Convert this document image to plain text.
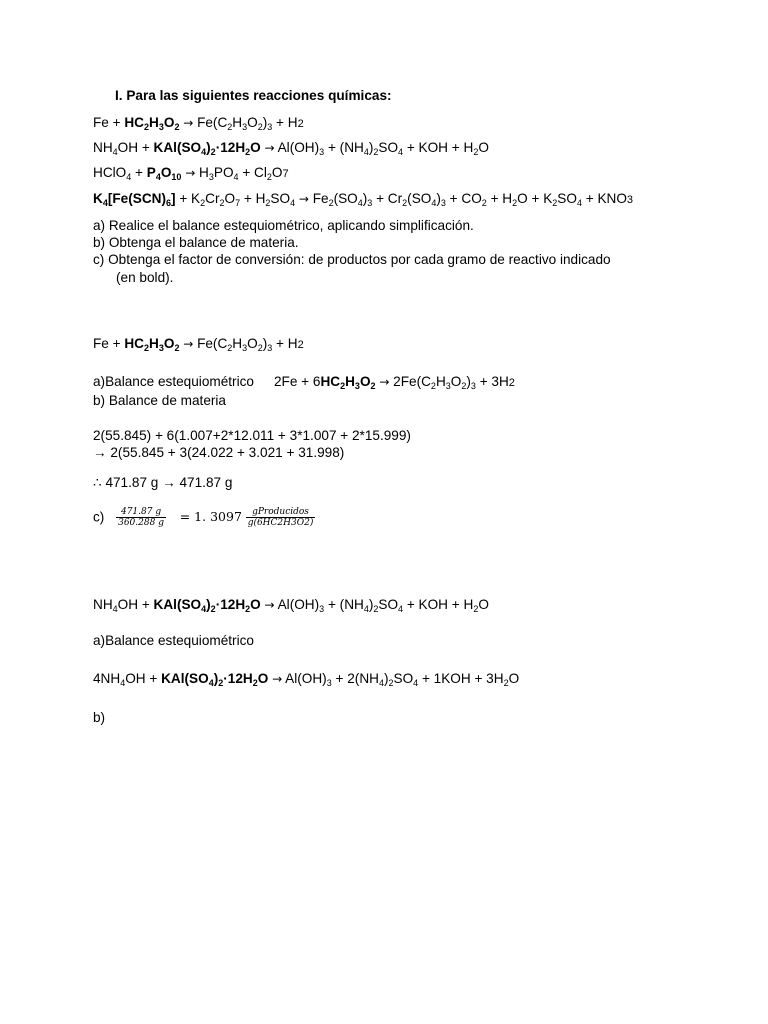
I. Para las siguientes reacciones químicas:
$Fe + HC_2H_3O_2 \to Fe(C_2H_3O_2)_3 + H2$
$NH_4OH + KAl(SO_4)_2\cdot 12H_2O \to Al(OH)_3 + (NH_4)_2SO_4$ + KOH + $H_2O$
HClO$_4$ + $P_4O_{10} \to H_3PO_4 + Cl_2O7$
$K_4[Fe(SCN)_6] + K_2Cr_2O_7 + H_2SO_4 \to Fe_2(SO_4)_3 + Cr_2(SO_4)_3 + CO_2 + H_2O + K_2SO_4 + KNO3$
a) Realice el balance estequiométrico, aplicando simplificación.
b) Obtenga el balance de materia.
c) Obtenga el factor de conversión: de productos por cada gramo de reactivo indicado
(en bold).
$Fe + HC_2H_3O_2 \to Fe(C_2H_3O_2)_3 + H2$
a)Balance estequiométrico $2Fe + 6HC_2H_3O_2 \to 2Fe(C_2H_3O_2)_3 + 3H2$
b) Balance de materia
2(55.845) + 6(1.007+2*12.011 + 3*1.007 + 2*15.999)
→ 2(55.845 + 3(24.022 + 3.021 + 31.998)
∴ 471.87 g → 471.87 g
$c) \frac{471.87 g}{360.288 g} = 1$. $3097 \frac{\text{gProducidos}}{g(6HC2H3O2)}$
$NH_4OH + KAl(SO_4)_2\cdot 12H_2O \to Al(OH)_3 + (NH_4)_2SO_4$ + KOH + $H_2O$
a)Balance estequiométrico
$4NH_4OH + KAl(SO_4)_2\cdot 12H_2O \to Al(OH)_3 + 2(NH_4)_2SO_4 + 1KOH + 3H_2O$
b)
